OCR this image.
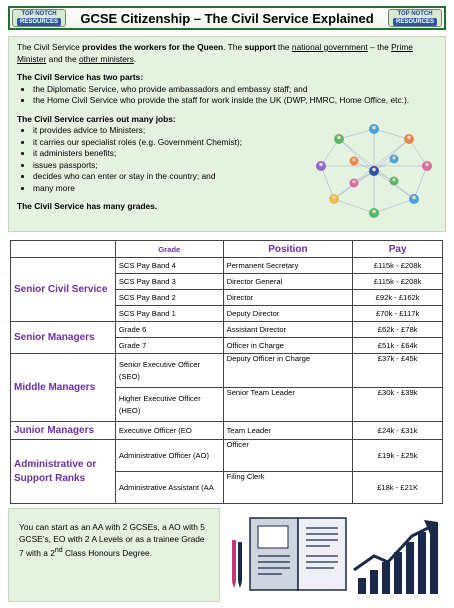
TOP NOTCH
RESOURCES GCSE Citizenship – The Civil Service Explained	TOP NOTCH
RESOURCES

The Civil Service provides the workers for the Queen. The support the national government – the Prime Minister and the other ministers.

The Civil Service has two parts:

• the Diplomatic Service, who provide ambassadors and embassy staff; and
• the Home Civil Service who provide the staff for work inside the UK (DWP, HMRC, Home Office, etc.).

The Civil Service carries out many jobs:

• it provides advice to Ministers;
• it carries our specialist roles (e.g. Government Chemist);
• it administers benefits;
• issues passports;
• decides who can enter or stay in the country; and
• many more

The Civil Service has many grades.

	Grade	Position	Pay
Senior Civil Service	SCS Pay Band 4	Permanent Secretary	£115k - £208k
	SCS Pay Band 3	Director General	£115k - £208k
	SCS Pay Band 2	Director	£92k - £162k
	SCS Pay Band 1	Deputy Director	£70k - £117k
Senior Managers	Grade 6	Assistant Director	£62k - £78k
	Grade 7	Officer in Charge	£51k - £64k
Middle Managers	Senior Executive Officer (SEO)	Deputy Officer in Charge	£37k - £45k
	Higher Executive Officer (HEO)	Senior Team Leader	£30k - £39k
Junior Managers	Executive Officer (EO	Team Leader	£24k - £31k
Administrative or Support Ranks	Administrative Officer (AO)	Officer	£19k - £25k
	Administrative Assistant (AA	Filing Clerk	£18k - £21K
You can start as an AA with 2 GCSEs, a AO with 5 GCSE’s, EO with 2 A Levels or as a trainee Grade 7 with a 2nd Class Honours Degree.
